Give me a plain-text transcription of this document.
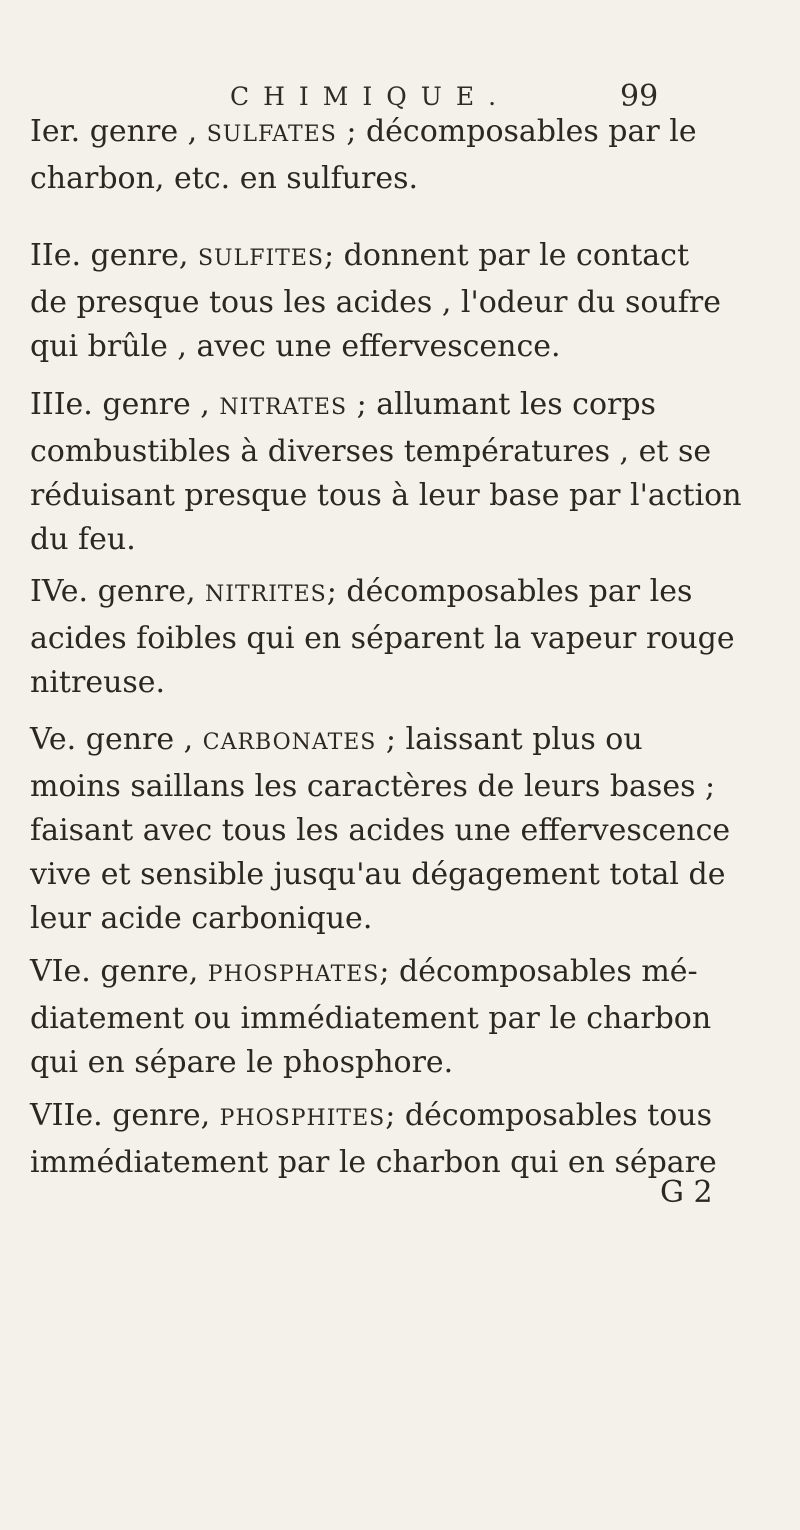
CHIMIQUE.	99
Ier. genre , SULFATES ; décomposables par le
charbon, etc. en sulfures.
IIe. genre, SULFITES; donnent par le contact
de presque tous les acides , l'odeur du soufre
qui brûle , avec une effervescence.
IIIe. genre , NITRATES ; allumant les corps
combustibles à diverses températures , et se
réduisant presque tous à leur base par l'action
du feu.
IVe. genre, NITRITES; décomposables par les
acides foibles qui en séparent la vapeur rouge
nitreuse.
Ve. genre , CARBONATES ; laissant plus ou
moins saillans les caractères de leurs bases ;
faisant avec tous les acides une effervescence
vive et sensible jusqu'au dégagement total de
leur acide carbonique.
VIe. genre, PHOSPHATES; décomposables mé-
diatement ou immédiatement par le charbon
qui en sépare le phosphore.
VIIe. genre, PHOSPHITES; décomposables tous
immédiatement par le charbon qui en sépare
G 2
